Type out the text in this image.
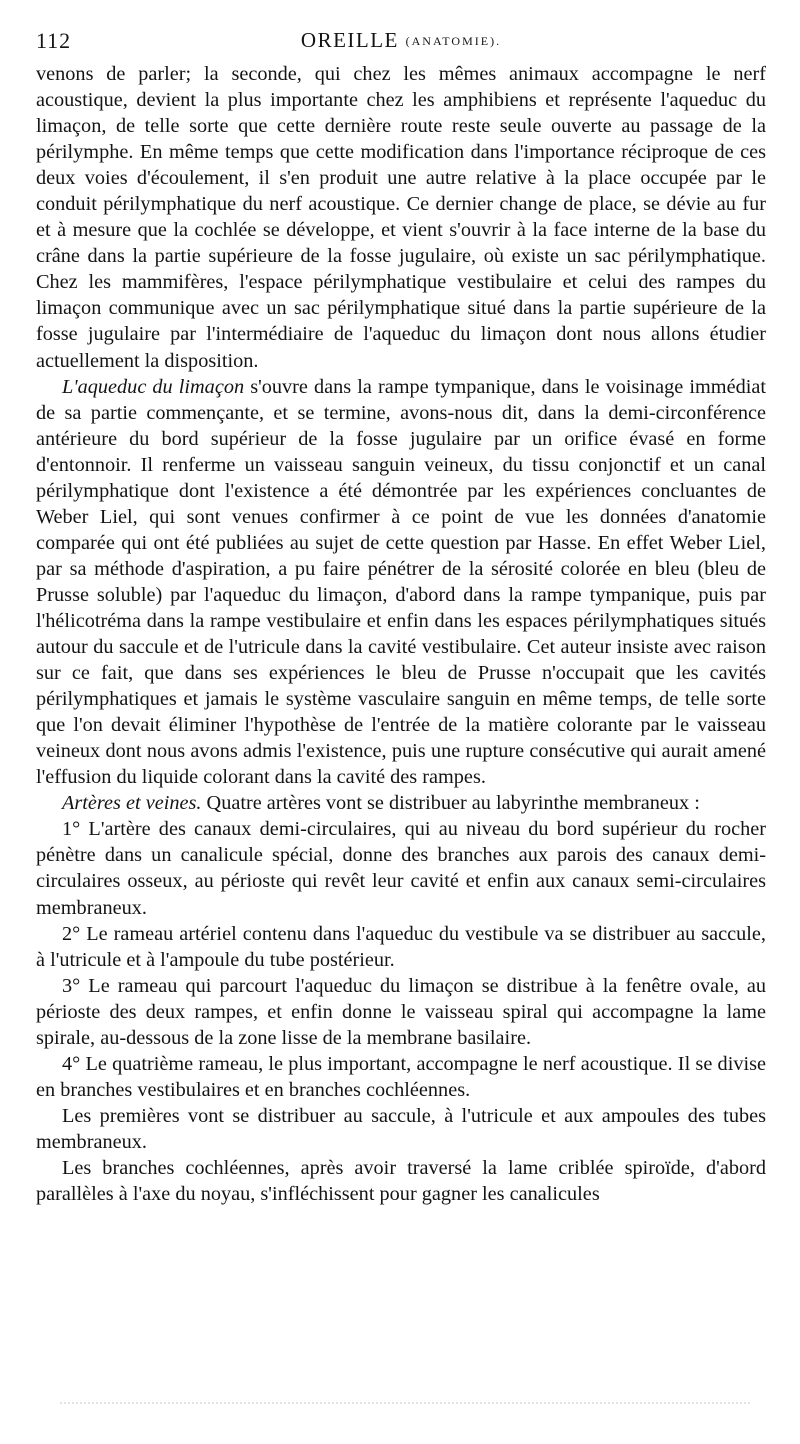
112	OREILLE (ANATOMIE).

venons de parler; la seconde, qui chez les mêmes animaux accompagne le nerf acoustique, devient la plus importante chez les amphibiens et représente l'aqueduc du limaçon, de telle sorte que cette dernière route reste seule ouverte au passage de la périlymphe. En même temps que cette modification dans l'importance réciproque de ces deux voies d'écoulement, il s'en produit une autre relative à la place occupée par le conduit périlymphatique du nerf acoustique. Ce dernier change de place, se dévie au fur et à mesure que la cochlée se développe, et vient s'ouvrir à la face interne de la base du crâne dans la partie supérieure de la fosse jugulaire, où existe un sac périlymphatique. Chez les mammifères, l'espace périlymphatique vestibulaire et celui des rampes du limaçon communique avec un sac périlymphatique situé dans la partie supérieure de la fosse jugulaire par l'intermédiaire de l'aqueduc du limaçon dont nous allons étudier actuellement la disposition.

L'aqueduc du limaçon s'ouvre dans la rampe tympanique, dans le voisinage immédiat de sa partie commençante, et se termine, avons-nous dit, dans la demi-circonférence antérieure du bord supérieur de la fosse jugulaire par un orifice évasé en forme d'entonnoir. Il renferme un vaisseau sanguin veineux, du tissu conjonctif et un canal périlymphatique dont l'existence a été démontrée par les expériences concluantes de Weber Liel, qui sont venues confirmer à ce point de vue les données d'anatomie comparée qui ont été publiées au sujet de cette question par Hasse. En effet Weber Liel, par sa méthode d'aspiration, a pu faire pénétrer de la sérosité colorée en bleu (bleu de Prusse soluble) par l'aqueduc du limaçon, d'abord dans la rampe tympanique, puis par l'hélicotréma dans la rampe vestibulaire et enfin dans les espaces périlymphatiques situés autour du saccule et de l'utricule dans la cavité vestibulaire. Cet auteur insiste avec raison sur ce fait, que dans ses expériences le bleu de Prusse n'occupait que les cavités périlymphatiques et jamais le système vasculaire sanguin en même temps, de telle sorte que l'on devait éliminer l'hypothèse de l'entrée de la matière colorante par le vaisseau veineux dont nous avons admis l'existence, puis une rupture consécutive qui aurait amené l'effusion du liquide colorant dans la cavité des rampes.

Artères et veines. Quatre artères vont se distribuer au labyrinthe membraneux :

1° L'artère des canaux demi-circulaires, qui au niveau du bord supérieur du rocher pénètre dans un canalicule spécial, donne des branches aux parois des canaux demi-circulaires osseux, au périoste qui revêt leur cavité et enfin aux canaux semi-circulaires membraneux.

2° Le rameau artériel contenu dans l'aqueduc du vestibule va se distribuer au saccule, à l'utricule et à l'ampoule du tube postérieur.

3° Le rameau qui parcourt l'aqueduc du limaçon se distribue à la fenêtre ovale, au périoste des deux rampes, et enfin donne le vaisseau spiral qui accompagne la lame spirale, au-dessous de la zone lisse de la membrane basilaire.

4° Le quatrième rameau, le plus important, accompagne le nerf acoustique. Il se divise en branches vestibulaires et en branches cochléennes.

Les premières vont se distribuer au saccule, à l'utricule et aux ampoules des tubes membraneux.

Les branches cochléennes, après avoir traversé la lame criblée spiroïde, d'abord parallèles à l'axe du noyau, s'infléchissent pour gagner les canalicules
